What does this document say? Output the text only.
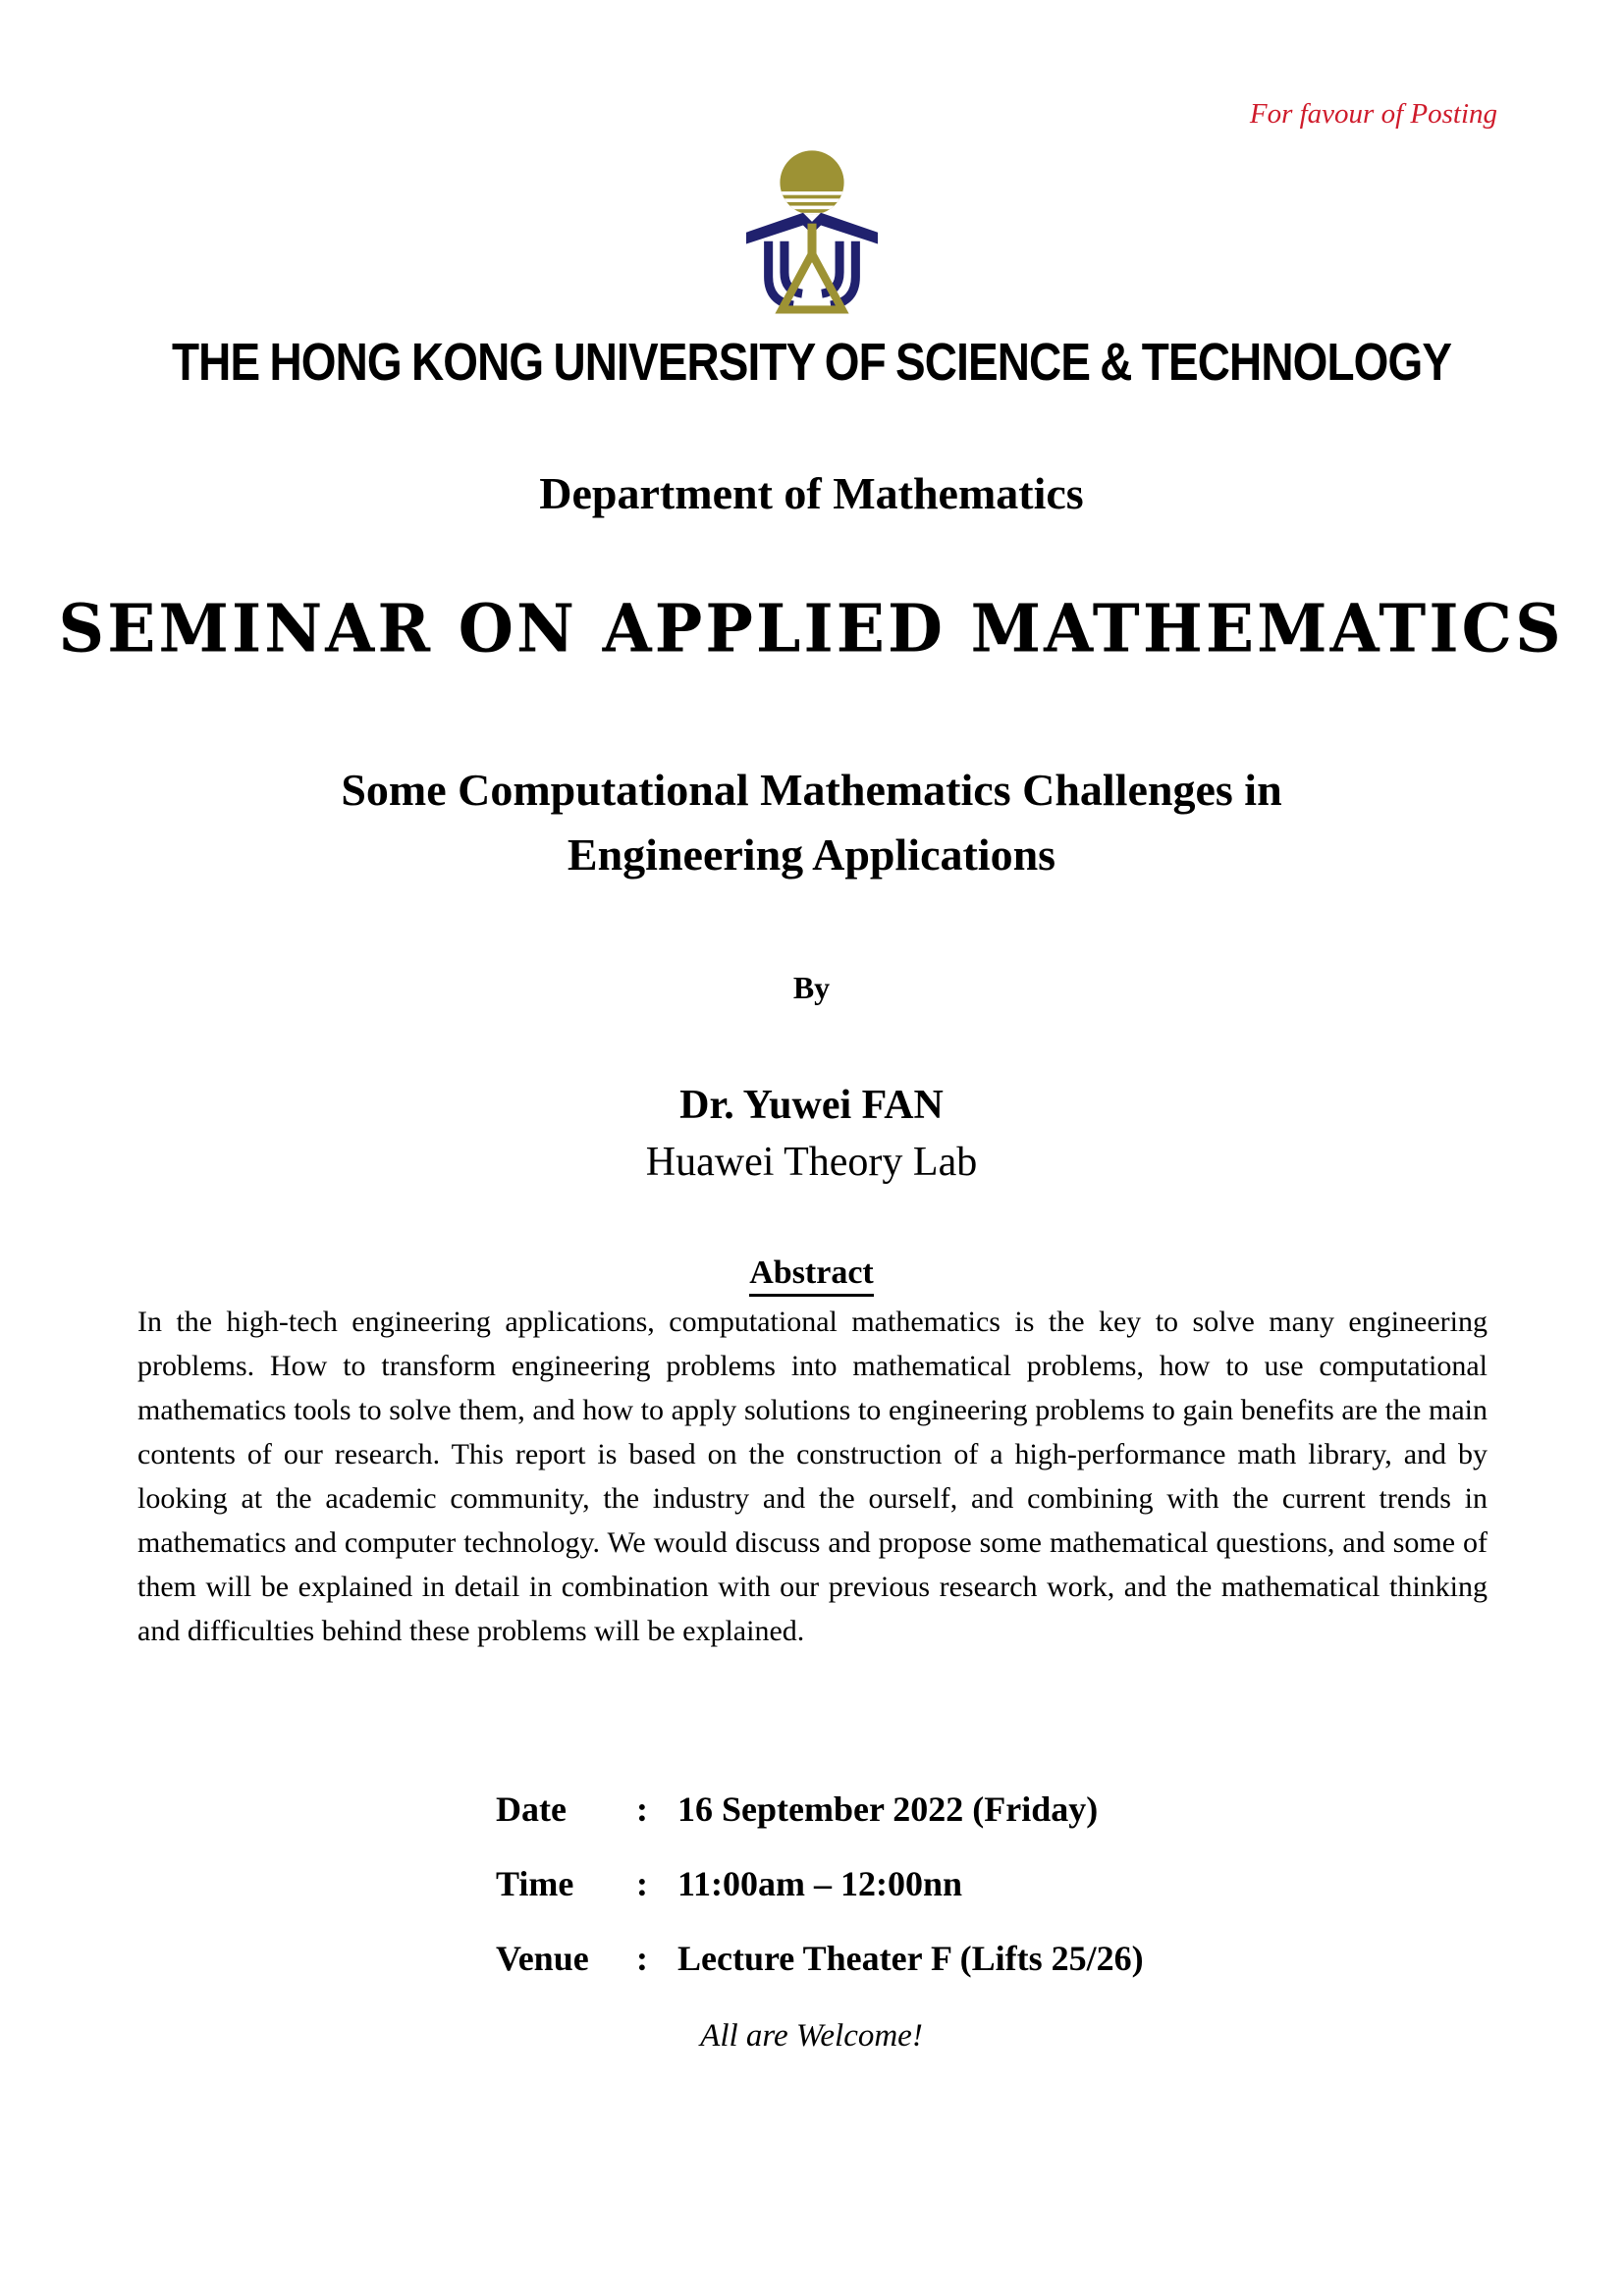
For favour of Posting
THE HONG KONG UNIVERSITY OF SCIENCE & TECHNOLOGY
Department of Mathematics
SEMINAR ON APPLIED MATHEMATICS
Some Computational Mathematics Challenges in Engineering Applications
By
Dr. Yuwei FAN
Huawei Theory Lab
Abstract
In the high-tech engineering applications, computational mathematics is the key to solve many engineering problems. How to transform engineering problems into mathematical problems, how to use computational mathematics tools to solve them, and how to apply solutions to engineering problems to gain benefits are the main contents of our research. This report is based on the construction of a high-performance math library, and by looking at the academic community, the industry and the ourself, and combining with the current trends in mathematics and computer technology. We would discuss and propose some mathematical questions, and some of them will be explained in detail in combination with our previous research work, and the mathematical thinking and difficulties behind these problems will be explained.
Date	: 16 September 2022 (Friday)
Time	: 11:00am – 12:00nn
Venue	: Lecture Theater F (Lifts 25/26)
All are Welcome!
